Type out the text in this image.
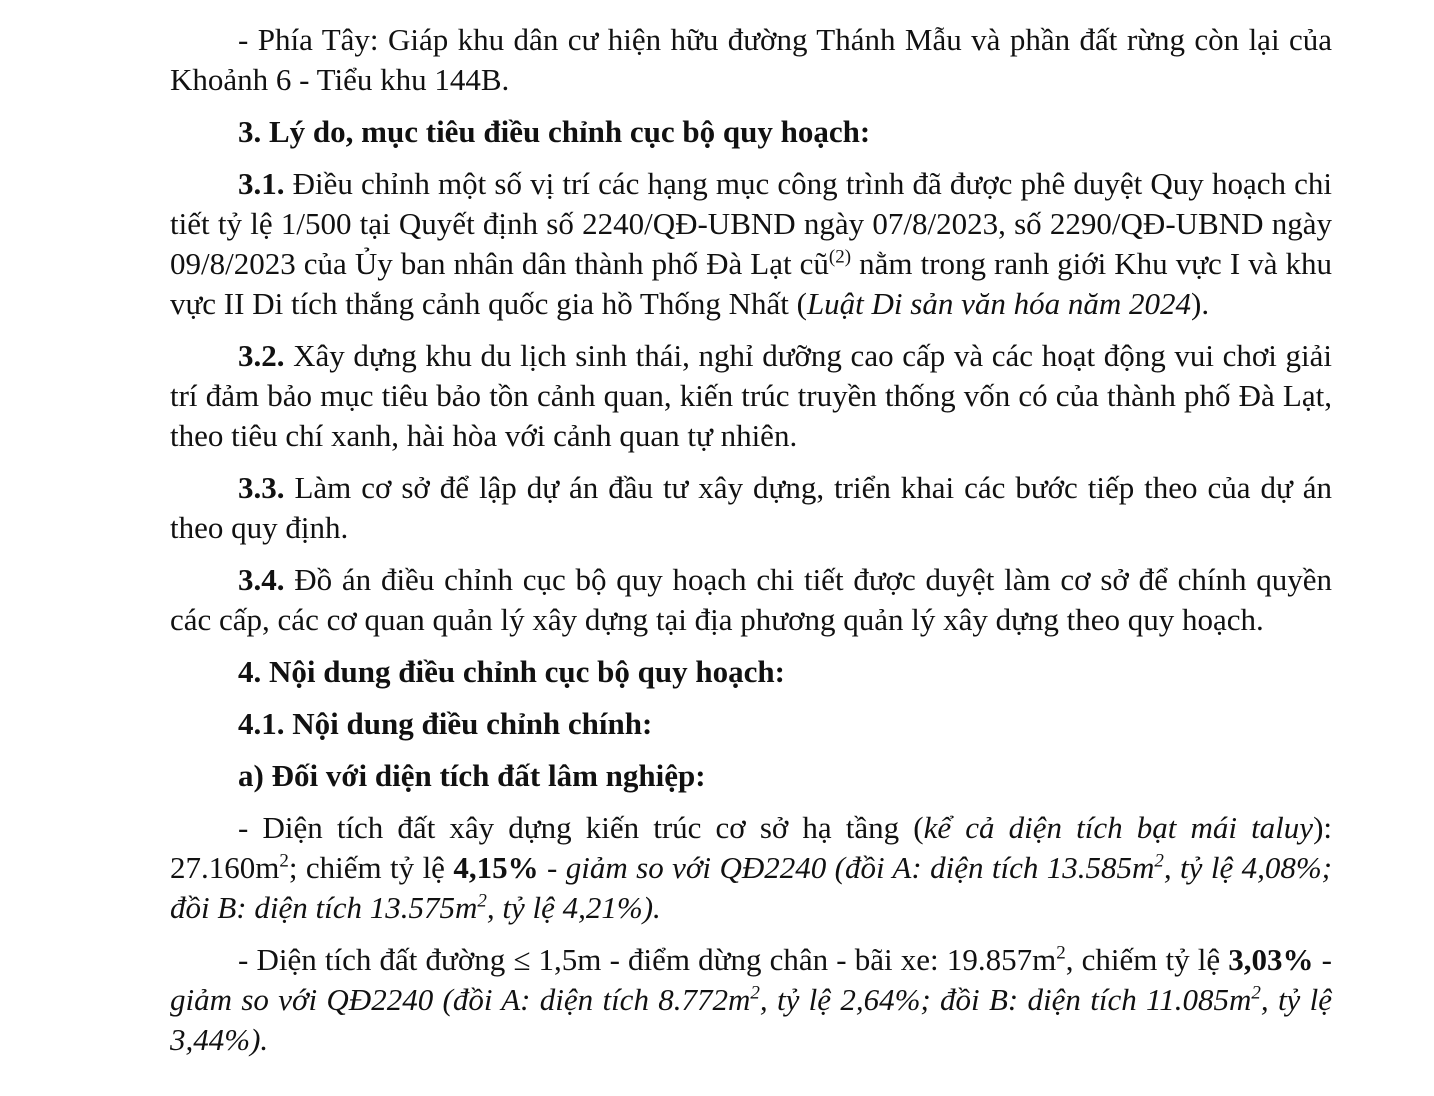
- Phía Tây: Giáp khu dân cư hiện hữu đường Thánh Mẫu và phần đất rừng còn lại của Khoảnh 6 - Tiểu khu 144B.

3. Lý do, mục tiêu điều chỉnh cục bộ quy hoạch:

3.1. Điều chỉnh một số vị trí các hạng mục công trình đã được phê duyệt Quy hoạch chi tiết tỷ lệ 1/500 tại Quyết định số 2240/QĐ-UBND ngày 07/8/2023, số 2290/QĐ-UBND ngày 09/8/2023 của Ủy ban nhân dân thành phố Đà Lạt $cũ^{(2)}$ nằm trong ranh giới Khu vực I và khu vực II Di tích thắng cảnh quốc gia hồ Thống Nhất (Luật Di sản văn hóa năm 2024).

3.2. Xây dựng khu du lịch sinh thái, nghỉ dưỡng cao cấp và các hoạt động vui chơi giải trí đảm bảo mục tiêu bảo tồn cảnh quan, kiến trúc truyền thống vốn có của thành phố Đà Lạt, theo tiêu chí xanh, hài hòa với cảnh quan tự nhiên.

3.3. Làm cơ sở để lập dự án đầu tư xây dựng, triển khai các bước tiếp theo của dự án theo quy định.

3.4. Đồ án điều chỉnh cục bộ quy hoạch chi tiết được duyệt làm cơ sở để chính quyền các cấp, các cơ quan quản lý xây dựng tại địa phương quản lý xây dựng theo quy hoạch.

4. Nội dung điều chỉnh cục bộ quy hoạch:

4.1. Nội dung điều chỉnh chính:

a) Đối với diện tích đất lâm nghiệp:

- Diện tích đất xây dựng kiến trúc cơ sở hạ tầng (kể cả diện tích bạt mái taluy): $27.160m^2$; chiếm tỷ lệ 4,15% - giảm so với QĐ2240 (đồi A: diện tích $13.585m^2$, tỷ lệ 4,08%; đồi B: diện tích $13.575m^2$, tỷ lệ 4,21%).

- Diện tích đất đường ≤ 1,5m - điểm dừng chân - bãi xe: $19.857m^2$, chiếm tỷ lệ 3,03% - giảm so với QĐ2240 (đồi A: diện tích $8.772m^2$, tỷ lệ 2,64%; đồi B: diện tích $11.085m^2$, tỷ lệ 3,44%).
